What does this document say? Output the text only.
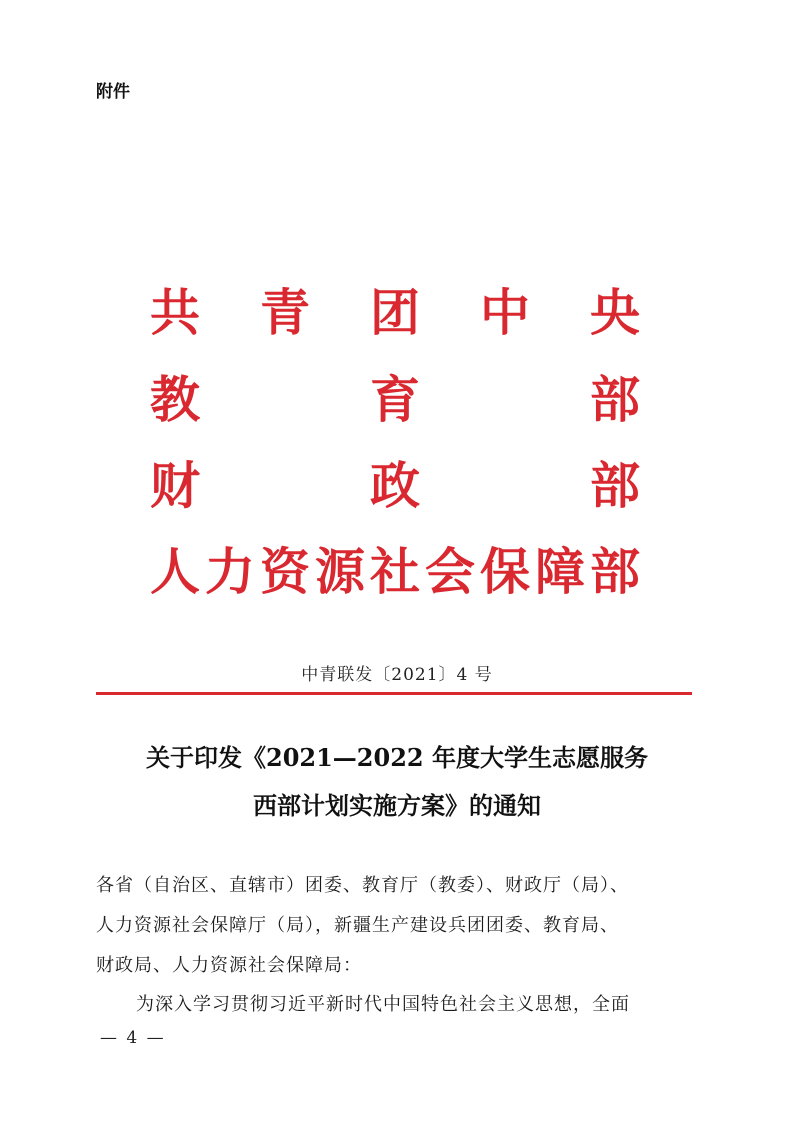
附件
共 青 团 中 央
教	育	部
财	政	部
人 力 资 源 社 会 保 障 部
中青联发〔2021〕4 号
关于印发《2021—2022 年度大学生志愿服务
西部计划实施方案》的通知
各省（自治区、直辖市）团委、教育厅（教委）、财政厅（局）、
人力资源社会保障厅（局），新疆生产建设兵团团委、教育局、
财政局、人力资源社会保障局：
为深入学习贯彻习近平新时代中国特色社会主义思想，全面
— 4 —
